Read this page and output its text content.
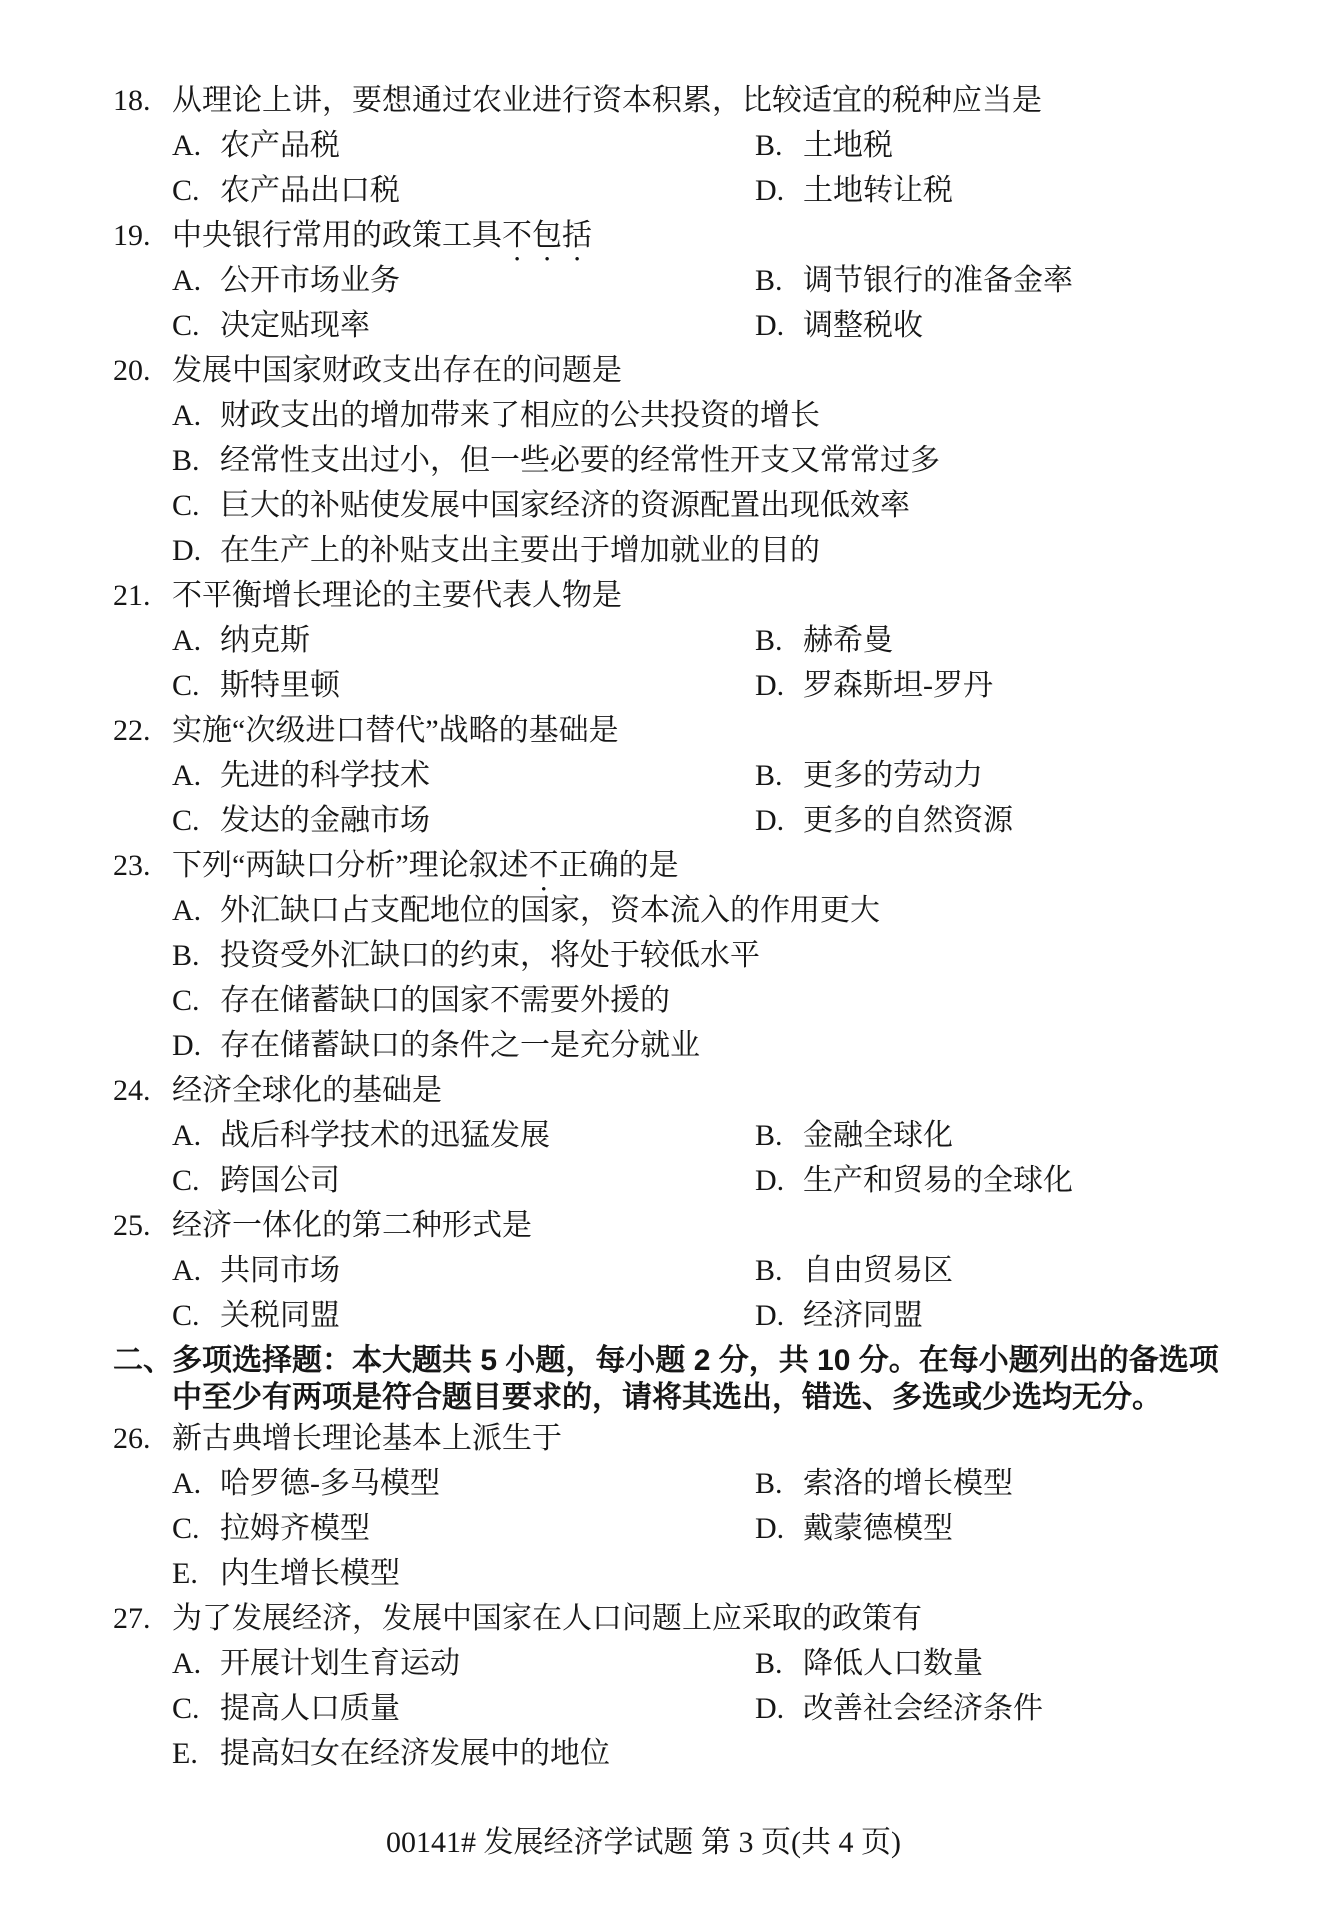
18. 从理论上讲，要想通过农业进行资本积累，比较适宜的税种应当是
A. 农产品税	B. 土地税
C. 农产品出口税	D. 土地转让税
19. 中央银行常用的政策工具不包括
A. 公开市场业务	B. 调节银行的准备金率
C. 决定贴现率	D. 调整税收
20. 发展中国家财政支出存在的问题是
A. 财政支出的增加带来了相应的公共投资的增长
B. 经常性支出过小，但一些必要的经常性开支又常常过多
C. 巨大的补贴使发展中国家经济的资源配置出现低效率
D. 在生产上的补贴支出主要出于增加就业的目的
21. 不平衡增长理论的主要代表人物是
A. 纳克斯	B. 赫希曼
C. 斯特里顿	D. 罗森斯坦-罗丹
22. 实施“次级进口替代”战略的基础是
A. 先进的科学技术	B. 更多的劳动力
C. 发达的金融市场	D. 更多的自然资源
23. 下列“两缺口分析”理论叙述不正确的是
A. 外汇缺口占支配地位的国家，资本流入的作用更大
B. 投资受外汇缺口的约束，将处于较低水平
C. 存在储蓄缺口的国家不需要外援的
D. 存在储蓄缺口的条件之一是充分就业
24. 经济全球化的基础是
A. 战后科学技术的迅猛发展	B. 金融全球化
C. 跨国公司	D. 生产和贸易的全球化
25. 经济一体化的第二种形式是
A. 共同市场	B. 自由贸易区
C. 关税同盟	D. 经济同盟
二、 多项选择题：本大题共 5 小题，每小题 2 分，共 10 分。在每小题列出的备选项中至少有两项是符合题目要求的，请将其选出，错选、多选或少选均无分。
26. 新古典增长理论基本上派生于
A. 哈罗德-多马模型	B. 索洛的增长模型
C. 拉姆齐模型	D. 戴蒙德模型
E. 内生增长模型
27. 为了发展经济，发展中国家在人口问题上应采取的政策有
A. 开展计划生育运动	B. 降低人口数量
C. 提高人口质量	D. 改善社会经济条件
E. 提高妇女在经济发展中的地位
00141# 发展经济学试题 第 3 页(共 4 页)
